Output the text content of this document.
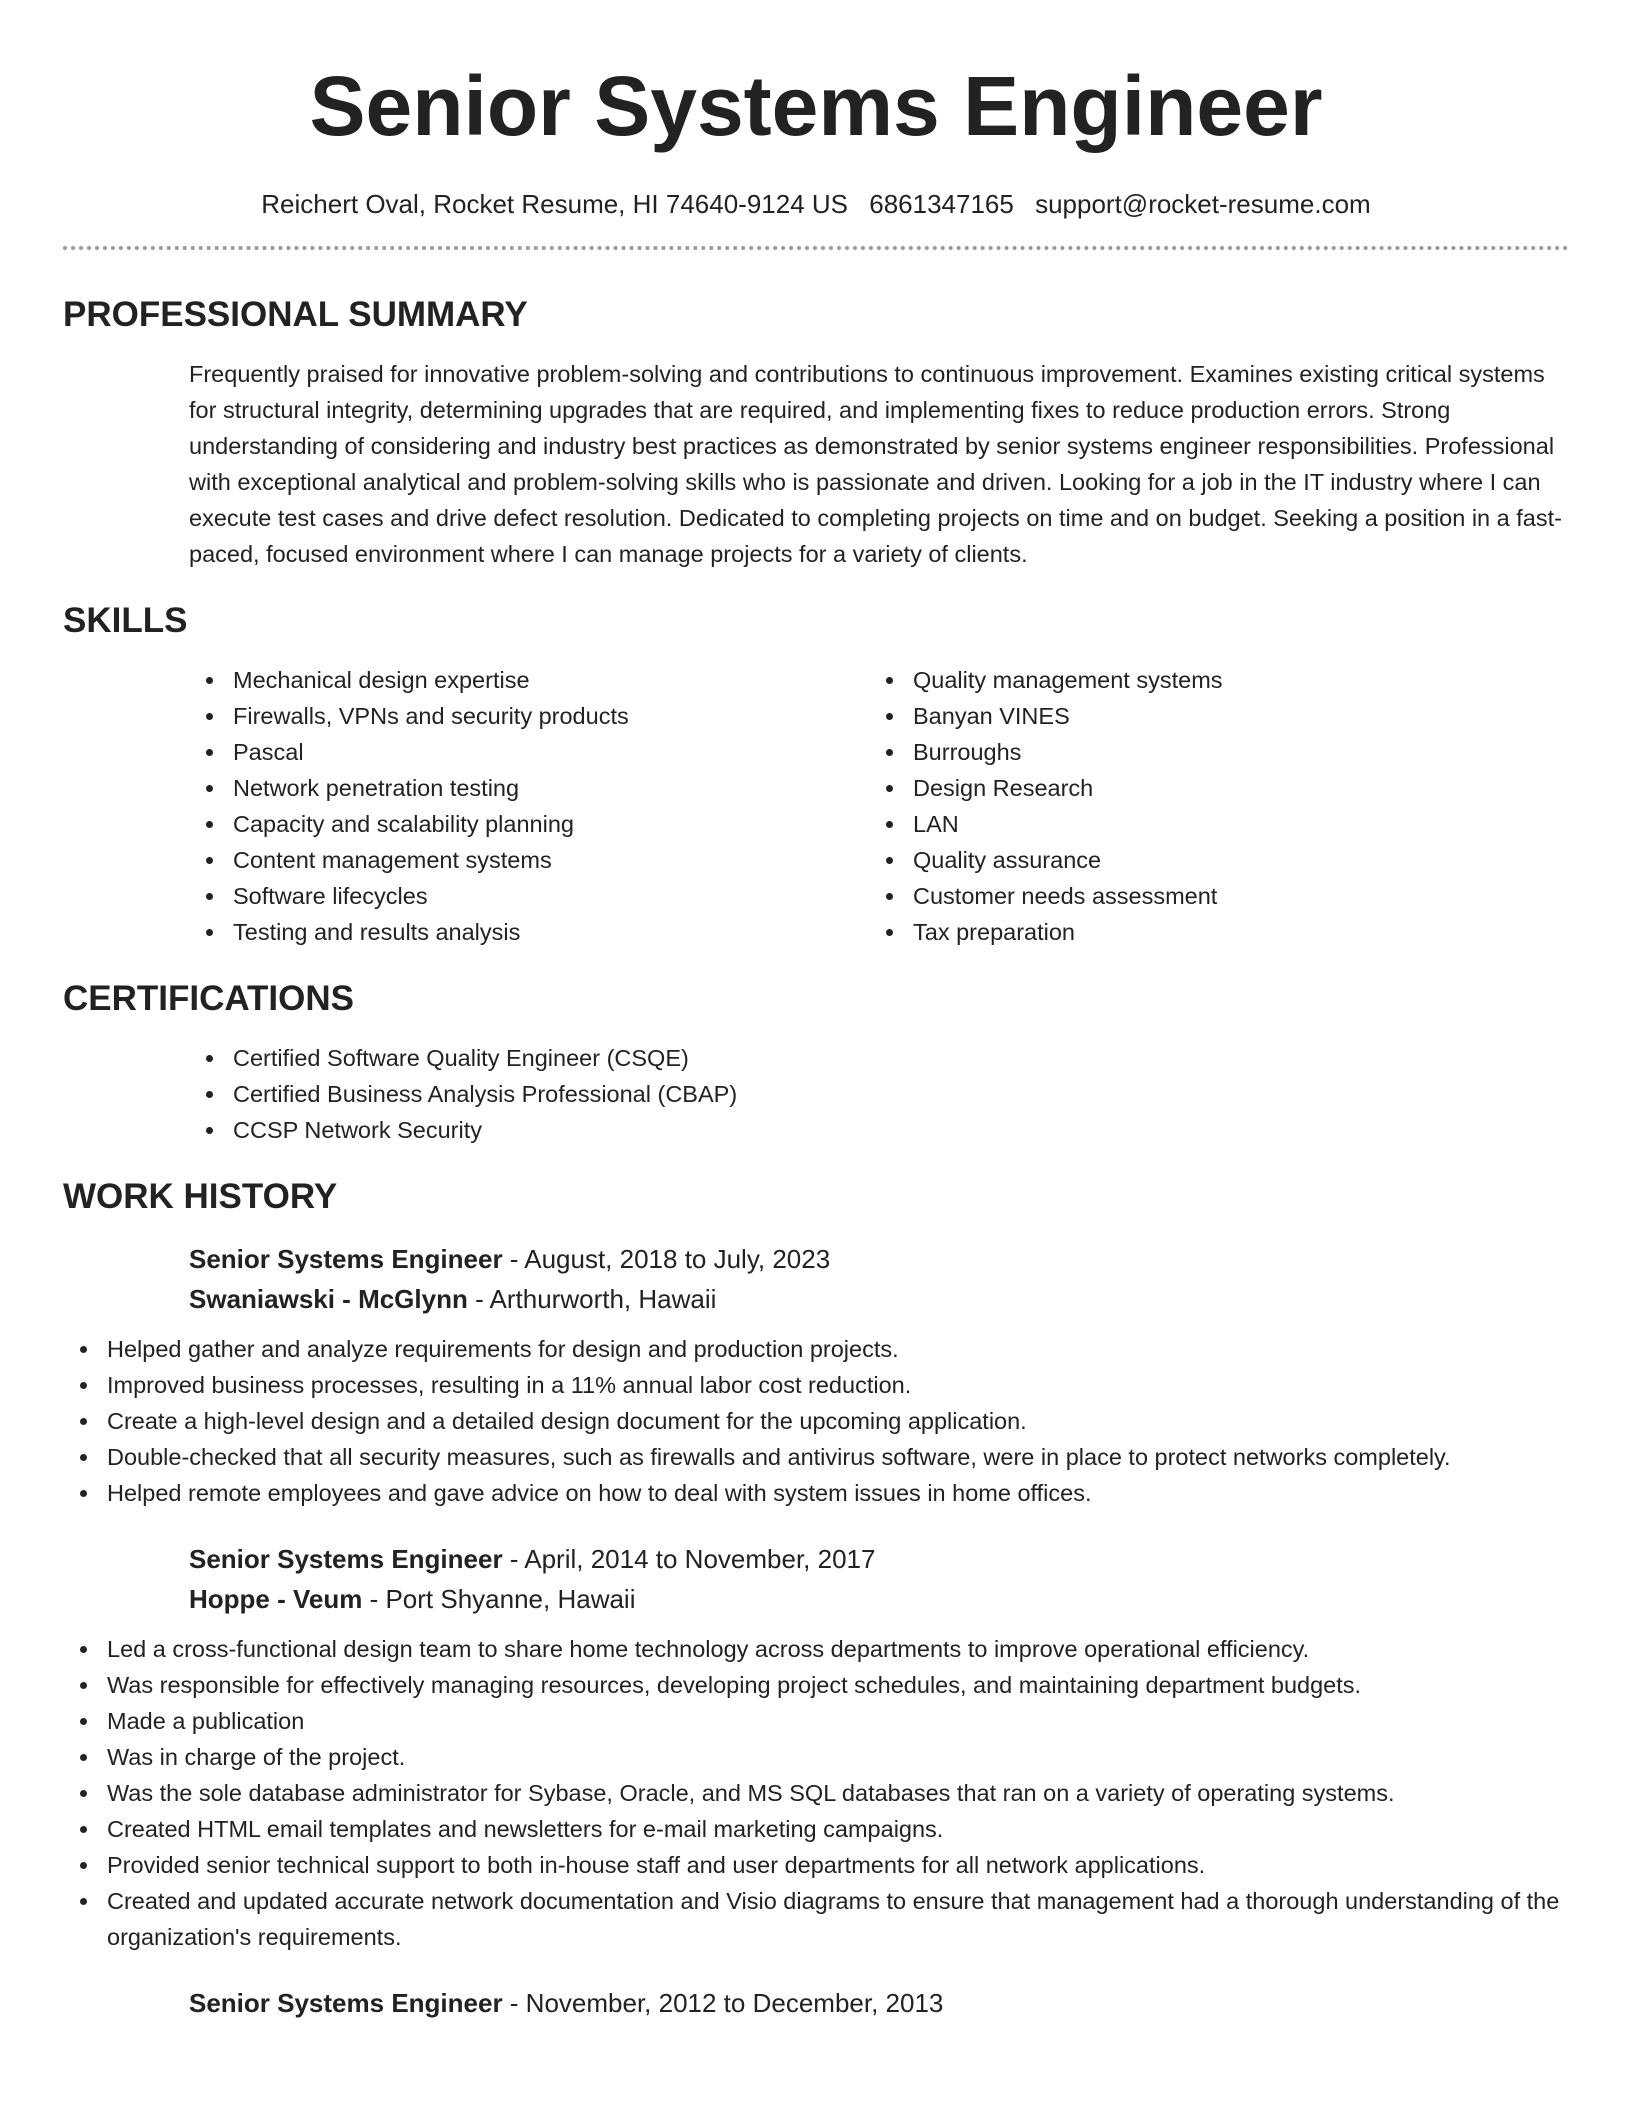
Senior Systems Engineer
Reichert Oval, Rocket Resume, HI 74640-9124 US 6861347165 support@rocket-resume.com
PROFESSIONAL SUMMARY

Frequently praised for innovative problem-solving and contributions to continuous improvement. Examines existing critical systems for structural integrity, determining upgrades that are required, and implementing fixes to reduce production errors. Strong understanding of considering and industry best practices as demonstrated by senior systems engineer responsibilities. Professional with exceptional analytical and problem-solving skills who is passionate and driven. Looking for a job in the IT industry where I can execute test cases and drive defect resolution. Dedicated to completing projects on time and on budget. Seeking a position in a fast-paced, focused environment where I can manage projects for a variety of clients.

SKILLS
Mechanical design expertise
Firewalls, VPNs and security products
Pascal
Network penetration testing
Capacity and scalability planning
Content management systems
Software lifecycles
Testing and results analysis
Quality management systems
Banyan VINES
Burroughs
Design Research
LAN
Quality assurance
Customer needs assessment
Tax preparation
CERTIFICATIONS
Certified Software Quality Engineer (CSQE)
Certified Business Analysis Professional (CBAP)
CCSP Network Security
WORK HISTORY
Senior Systems Engineer - August, 2018 to July, 2023
Swaniawski - McGlynn - Arthurworth, Hawaii
Helped gather and analyze requirements for design and production projects.
Improved business processes, resulting in a 11% annual labor cost reduction.
Create a high-level design and a detailed design document for the upcoming application.
Double-checked that all security measures, such as firewalls and antivirus software, were in place to protect networks completely.
Helped remote employees and gave advice on how to deal with system issues in home offices.
Senior Systems Engineer - April, 2014 to November, 2017
Hoppe - Veum - Port Shyanne, Hawaii
Led a cross-functional design team to share home technology across departments to improve operational efficiency.
Was responsible for effectively managing resources, developing project schedules, and maintaining department budgets.
Made a publication
Was in charge of the project.
Was the sole database administrator for Sybase, Oracle, and MS SQL databases that ran on a variety of operating systems.
Created HTML email templates and newsletters for e-mail marketing campaigns.
Provided senior technical support to both in-house staff and user departments for all network applications.
Created and updated accurate network documentation and Visio diagrams to ensure that management had a thorough understanding of the organization's requirements.
Senior Systems Engineer - November, 2012 to December, 2013
